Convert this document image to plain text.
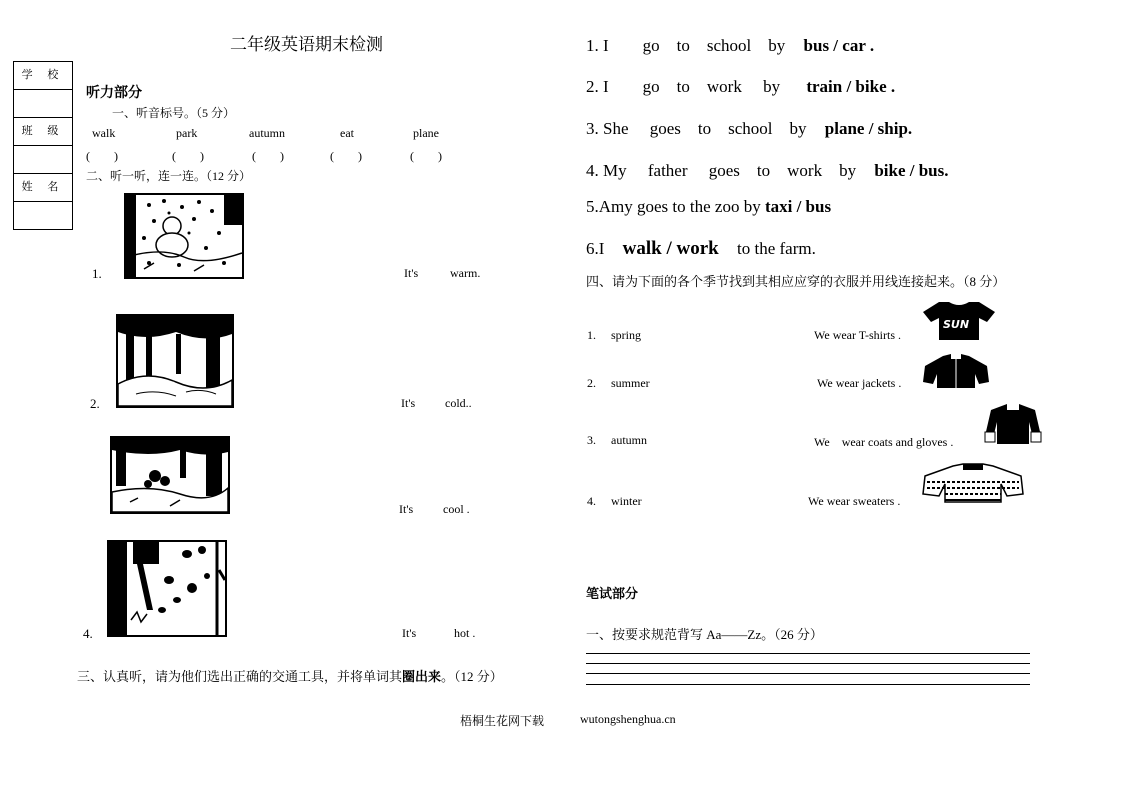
二年级英语期末检测
学 校
班 级
姓 名
听力部分
一、听音标号。（5 分）
walk	park	autumn	eat	plane
(　　)	(　　)	(　　)	(　　)	(　　)
二、听一听，连一连。（12 分）
1.	It's	warm.
2.	It's cold..
It's cool .
4.	It's	hot .
三、认真听，请为他们选出正确的交通工具，并将单词其圈出来。（12 分）
1. I　　go　to　school　by bus / car .
2. I　　go　to　work　 by train / bike .
3. She　 goes　to　school　by plane / ship.
4. My　 father　 goes　to　work　by bike / bus.
5.Amy goes to the zoo by taxi / bus
6.I walk / work to the farm.
四、请为下面的各个季节找到其相应应穿的衣服并用线连接起来。（8 分）
1. spring	We wear T-shirts .
2. summer	We wear jackets .
3. autumn	We　wear coats and gloves .
4. winter	We wear sweaters .
SUN
笔试部分
一、按要求规范背写 Aa——Zz。（26 分）
梧桐生花网下载	wutongshenghua.cn
